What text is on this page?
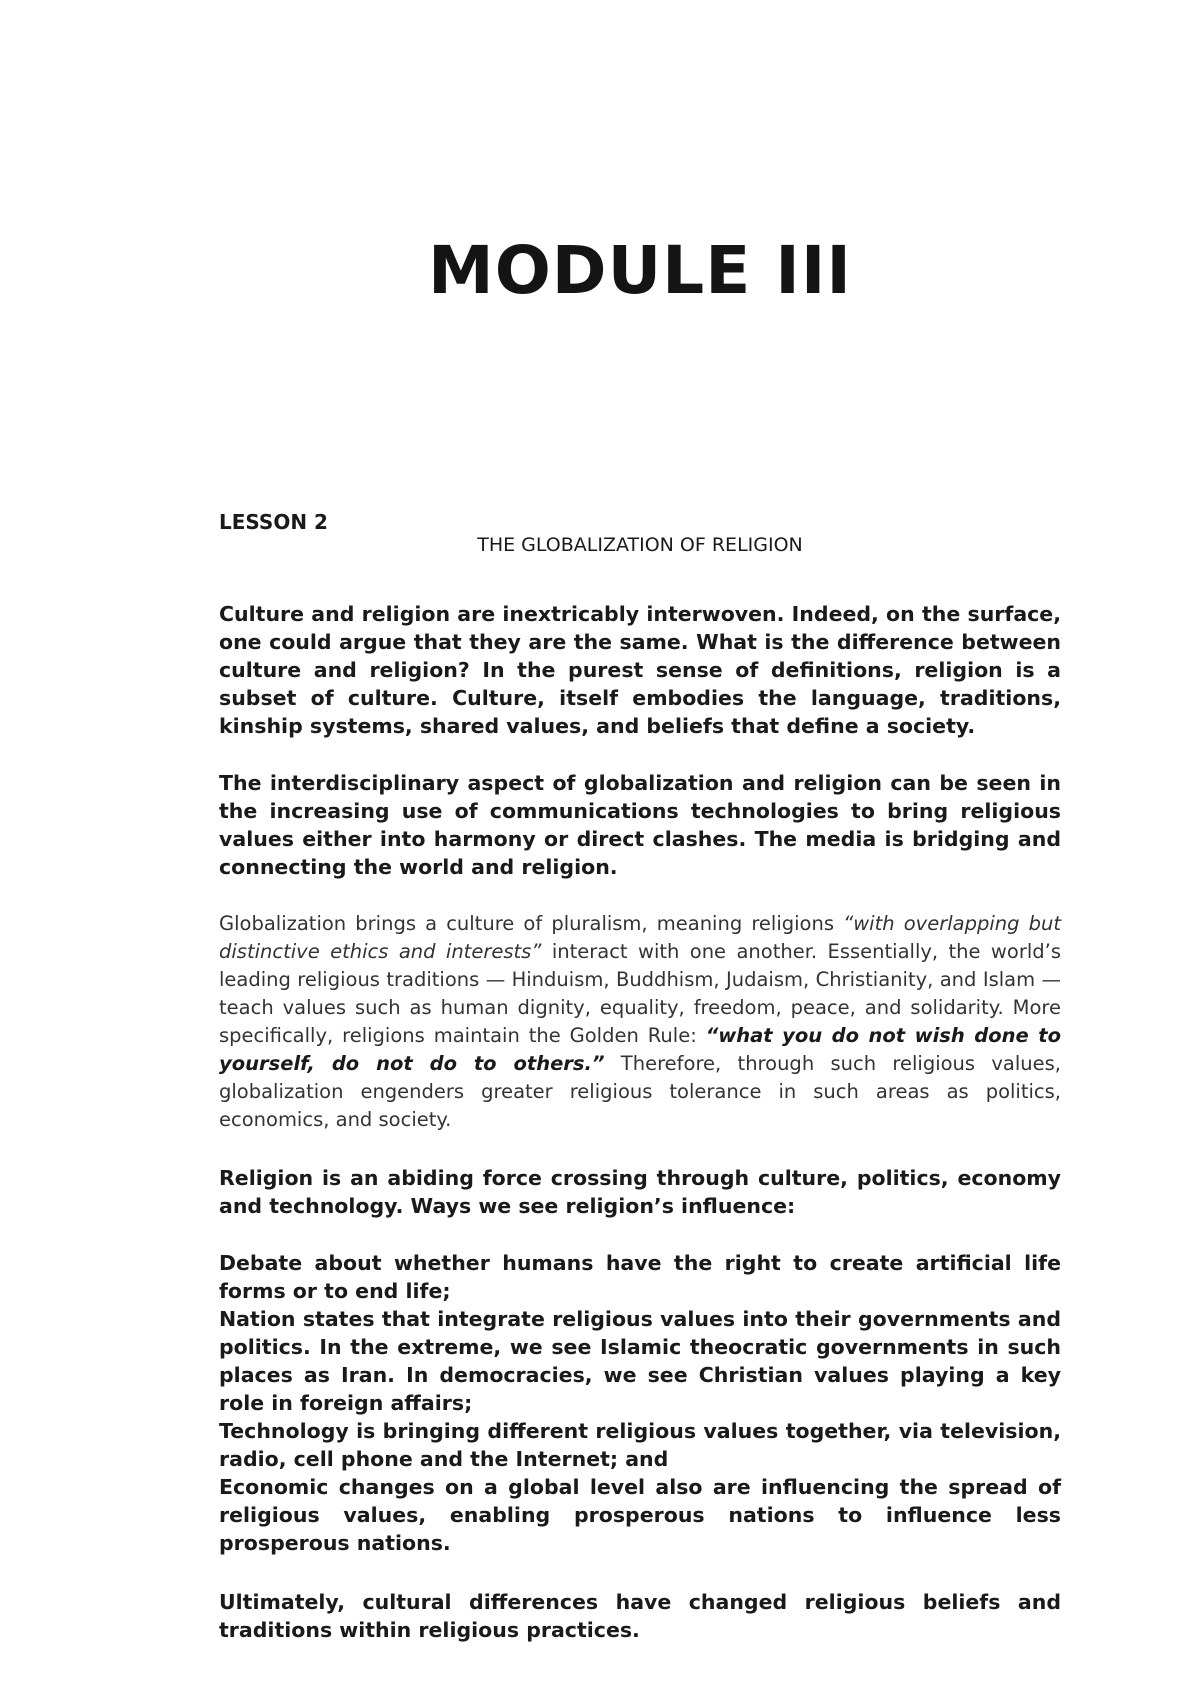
MODULE III
LESSON 2
THE GLOBALIZATION OF RELIGION

Culture and religion are inextricably interwoven. Indeed, on the surface, one could argue that they are the same. What is the difference between culture and religion? In the purest sense of definitions, religion is a subset of culture. Culture, itself embodies the language, traditions, kinship systems, shared values, and beliefs that define a society.

The interdisciplinary aspect of globalization and religion can be seen in the increasing use of communications technologies to bring religious values either into harmony or direct clashes. The media is bridging and connecting the world and religion.

Globalization brings a culture of pluralism, meaning religions “with overlapping but distinctive ethics and interests” interact with one another. Essentially, the world’s leading religious traditions — Hinduism, Buddhism, Judaism, Christianity, and Islam — teach values such as human dignity, equality, freedom, peace, and solidarity. More specifically, religions maintain the Golden Rule: “what you do not wish done to yourself, do not do to others.” Therefore, through such religious values, globalization engenders greater religious tolerance in such areas as politics, economics, and society.

Religion is an abiding force crossing through culture, politics, economy and technology. Ways we see religion’s influence:

Debate about whether humans have the right to create artificial life forms or to end life;
Nation states that integrate religious values into their governments and politics. In the extreme, we see Islamic theocratic governments in such places as Iran. In democracies, we see Christian values playing a key role in foreign affairs;
Technology is bringing different religious values together, via television, radio, cell phone and the Internet; and
Economic changes on a global level also are influencing the spread of religious values, enabling prosperous nations to influence less prosperous nations.

Ultimately, cultural differences have changed religious beliefs and traditions within religious practices.
